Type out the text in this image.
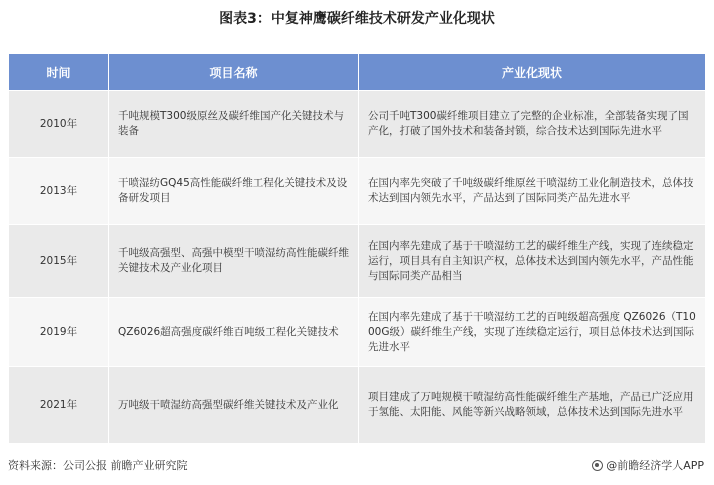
图表3：中复神鹰碳纤维技术研发产业化现状
时间	项目名称	产业化现状
2010年	千吨规模T300级原丝及碳纤维国产化关键技术与装备	公司千吨T300碳纤维项目建立了完整的企业标准，全部装备实现了国产化，打破了国外技术和装备封锁，综合技术达到国际先进水平
2013年	干喷湿纺GQ45高性能碳纤维工程化关键技术及设备研发项目	在国内率先突破了千吨级碳纤维原丝干喷湿纺工业化制造技术，总体技术达到国内领先水平，产品达到了国际同类产品先进水平
2015年	千吨级高强型、高强中模型干喷湿纺高性能碳纤维关键技术及产业化项目	在国内率先建成了基于干喷湿纺工艺的碳纤维生产线，实现了连续稳定运行，项目具有自主知识产权，总体技术达到国内领先水平，产品性能与国际同类产品相当
2019年	QZ6026超高强度碳纤维百吨级工程化关键技术	在国内率先建成了基于干喷湿纺工艺的百吨级超高强度 QZ6026（T1000G级）碳纤维生产线，实现了连续稳定运行，项目总体技术达到国际先进水平
2021年	万吨级干喷湿纺高强型碳纤维关键技术及产业化	项目建成了万吨规模干喷湿纺高性能碳纤维生产基地，产品已广泛应用于氢能、太阳能、风能等新兴战略领域，总体技术达到国际先进水平
资料来源：公司公报 前瞻产业研究院	@前瞻经济学人APP
